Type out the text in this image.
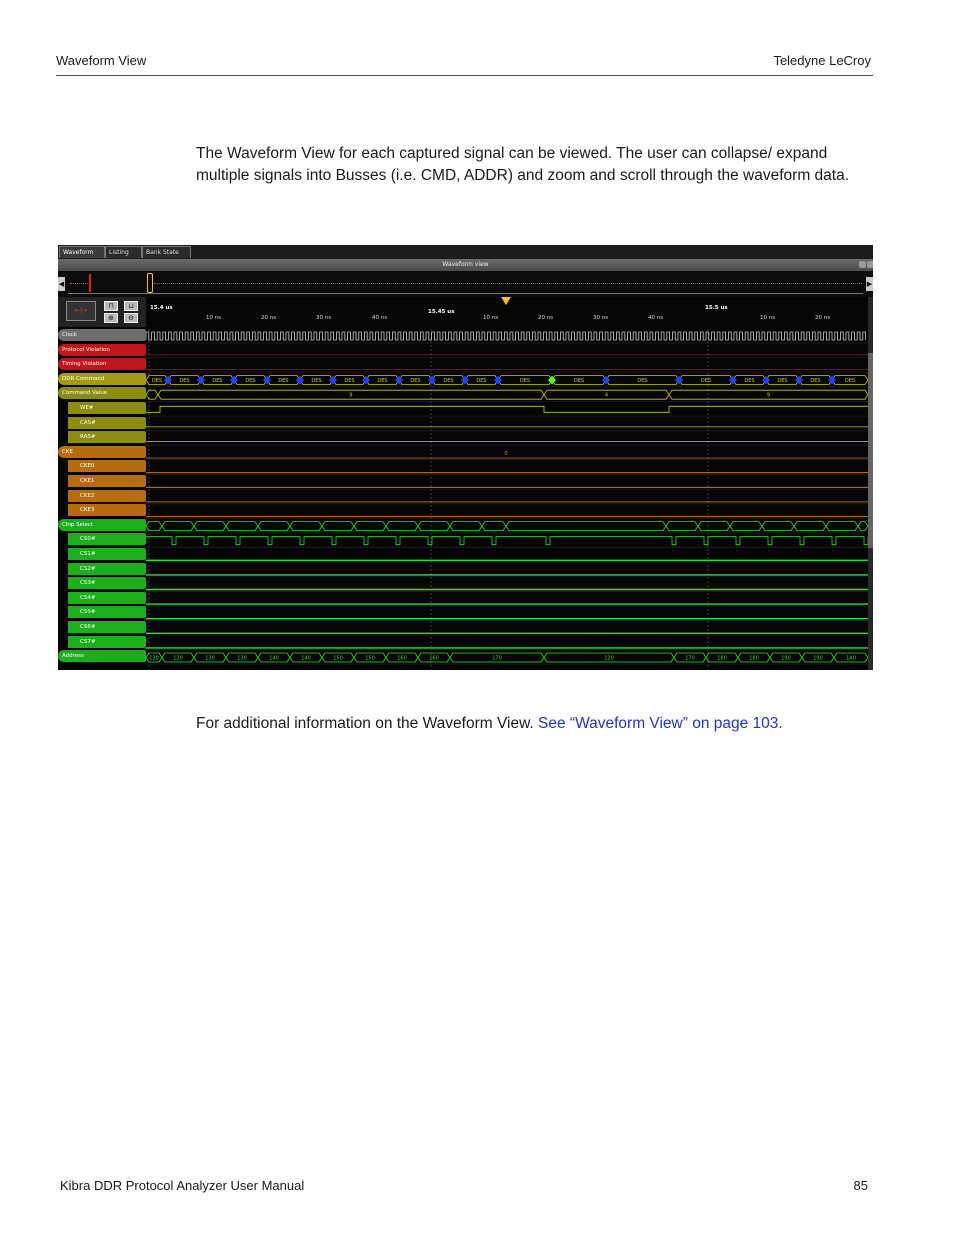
Waveform View	Teledyne LeCroy
The Waveform View for each captured signal can be viewed. The user can collapse/ expand multiple signals into Busses (i.e. CMD, ADDR) and zoom and scroll through the waveform data.
Waveform	Listing	Bank State
Waveform view
◀	▶
⇤|⇥
⊓	⊔
⊕	⊖
15.4 us
15.45 us
15.5 us
10 ns	20 ns	30 ns	40 ns	10 ns	20 ns	30 ns	40 ns	10 ns	20 ns
Clock
Protocol Violation
Timing Violation
DDR Command
Command Value
WE#
CAS#
RAS#
CKE
CKE0
CKE1
CKE2
CKE3
Chip Select
CS0#
CS1#
CS2#
CS3#
CS4#
CS5#
CS6#
CS7#
Address
DES	DES	DES	DES	DES	DES	DES	DES	DES	DES	DES	DES	DES	DES	DES	DES	DES	DES	DES
9	4	9
0
130	120	130	130	140	140	150	150	160	160	170	120	170	180	180	190	190	1A0
For additional information on the Waveform View. See “Waveform View” on page 103.
Kibra DDR Protocol Analyzer User Manual	85
